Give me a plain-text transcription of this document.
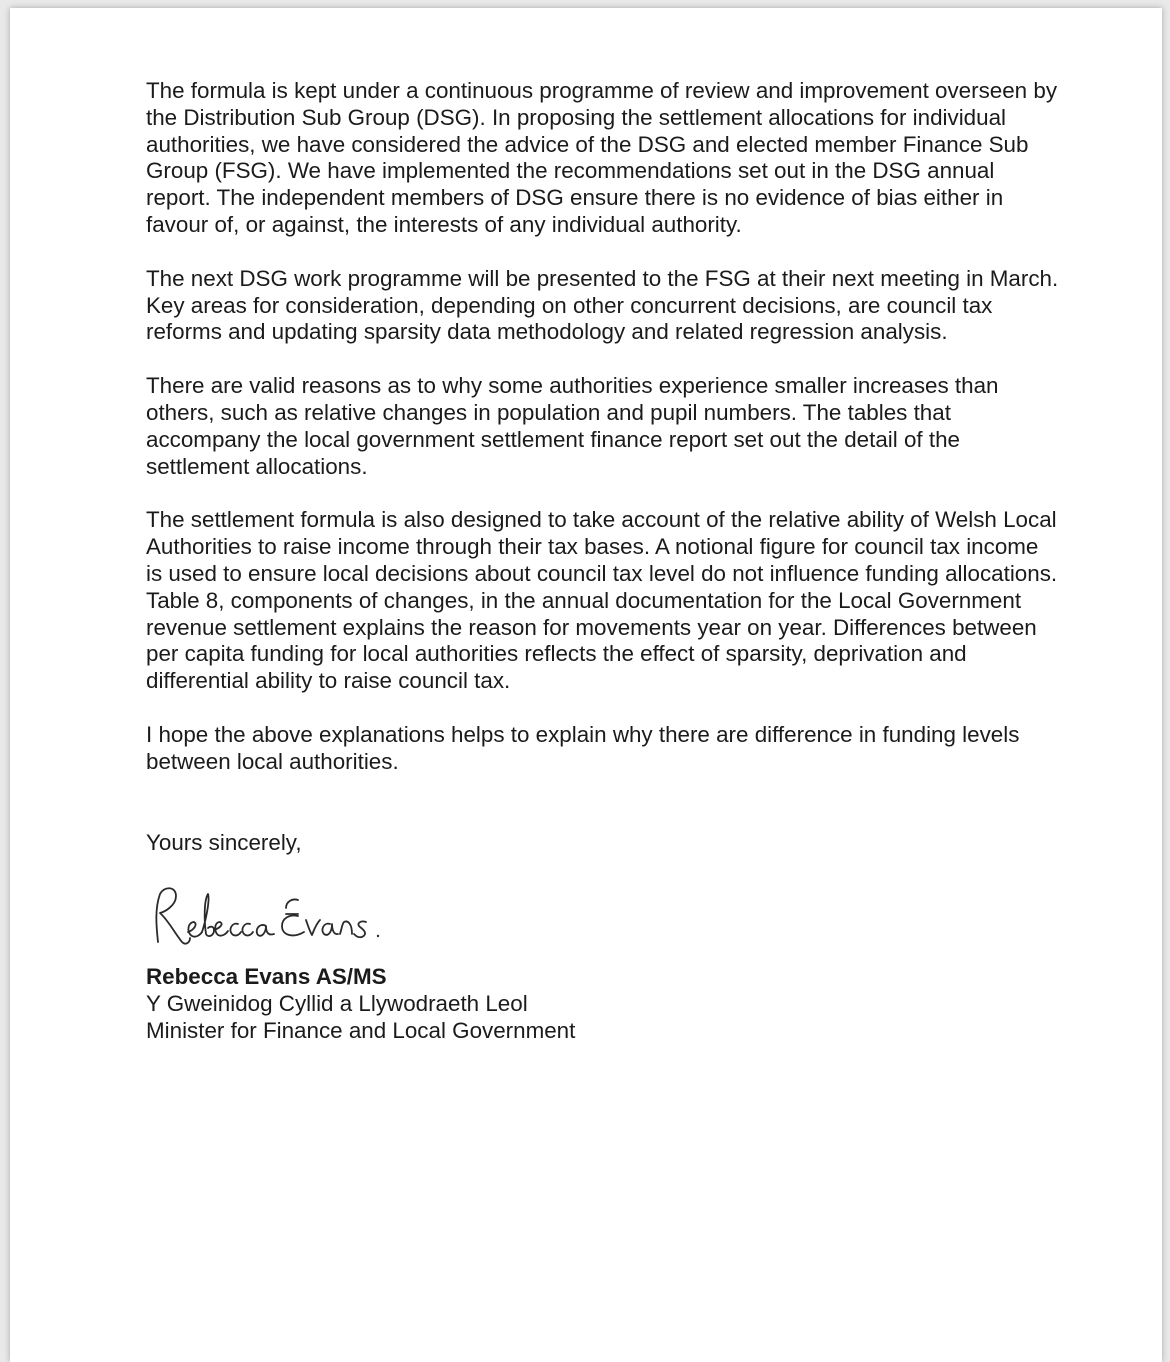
The formula is kept under a continuous programme of review and improvement overseen by
the Distribution Sub Group (DSG). In proposing the settlement allocations for individual
authorities, we have considered the advice of the DSG and elected member Finance Sub
Group (FSG). We have implemented the recommendations set out in the DSG annual
report. The independent members of DSG ensure there is no evidence of bias either in
favour of, or against, the interests of any individual authority.

The next DSG work programme will be presented to the FSG at their next meeting in March.
Key areas for consideration, depending on other concurrent decisions, are council tax
reforms and updating sparsity data methodology and related regression analysis.

There are valid reasons as to why some authorities experience smaller increases than
others, such as relative changes in population and pupil numbers. The tables that
accompany the local government settlement finance report set out the detail of the
settlement allocations.

The settlement formula is also designed to take account of the relative ability of Welsh Local
Authorities to raise income through their tax bases. A notional figure for council tax income
is used to ensure local decisions about council tax level do not influence funding allocations.
Table 8, components of changes, in the annual documentation for the Local Government
revenue settlement explains the reason for movements year on year. Differences between
per capita funding for local authorities reflects the effect of sparsity, deprivation and
differential ability to raise council tax.

I hope the above explanations helps to explain why there are difference in funding levels
between local authorities.

Yours sincerely,

Rebecca Evans AS/MS

Y Gweinidog Cyllid a Llywodraeth Leol

Minister for Finance and Local Government
